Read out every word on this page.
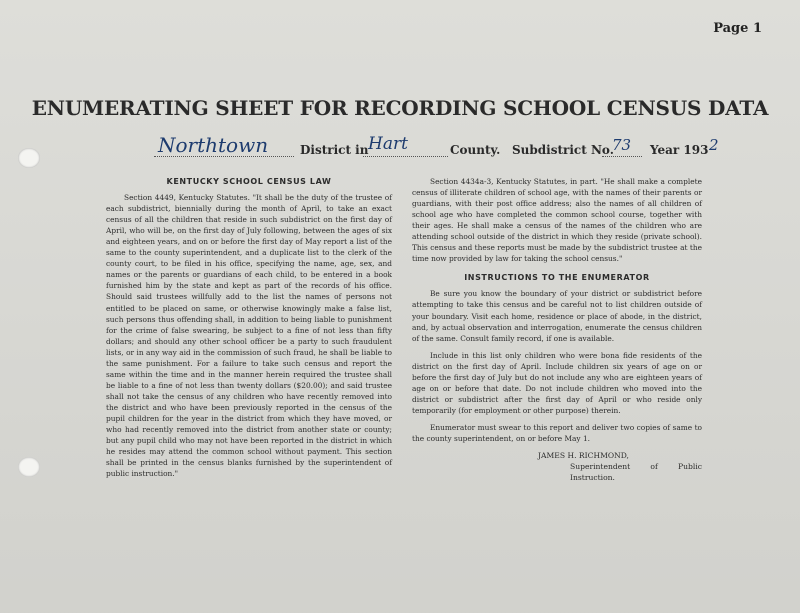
Page 1
ENUMERATING SHEET FOR RECORDING SCHOOL CENSUS DATA
Northtown	District in Hart	County. Subdistrict No.
73 Year 193 2
KENTUCKY SCHOOL CENSUS LAW

Section 4449, Kentucky Statutes. "It shall be the duty of the trustee of each subdistrict, biennially during the month of April, to take an exact census of all the children that reside in such subdistrict on the first day of April, who will be, on the first day of July following, between the ages of six and eighteen years, and on or before the first day of May report a list of the same to the county superintendent, and a duplicate list to the clerk of the county court, to be filed in his office, specifying the name, age, sex, and names or the parents or guardians of each child, to be entered in a book furnished him by the state and kept as part of the records of his office. Should said trustees willfully add to the list the names of persons not entitled to be placed on same, or otherwise knowingly make a false list, such persons thus offending shall, in addition to being liable to punishment for the crime of false swearing, be subject to a fine of not less than fifty dollars; and should any other school officer be a party to such fraudulent lists, or in any way aid in the commission of such fraud, he shall be liable to the same punishment. For a failure to take such census and report the same within the time and in the manner herein required the trustee shall be liable to a fine of not less than twenty dollars ($20.00); and said trustee shall not take the census of any children who have recently removed into the district and who have been previously reported in the census of the pupil children for the year in the district from which they have moved, or who had recently removed into the district from another state or county; but any pupil child who may not have been reported in the district in which he resides may attend the common school without payment. This section shall be printed in the census blanks furnished by the superintendent of public instruction."

Section 4434a-3, Kentucky Statutes, in part. "He shall make a complete census of illiterate children of school age, with the names of their parents or guardians, with their post office address; also the names of all children of school age who have completed the common school course, together with their ages. He shall make a census of the names of the children who are attending school outside of the district in which they reside (private school). This census and these reports must be made by the subdistrict trustee at the time now provided by law for taking the school census."

INSTRUCTIONS TO THE ENUMERATOR

Be sure you know the boundary of your district or subdistrict before attempting to take this census and be careful not to list children outside of your boundary. Visit each home, residence or place of abode, in the district, and, by actual observation and interrogation, enumerate the census children of the same. Consult family record, if one is available.

Include in this list only children who were bona fide residents of the district on the first day of April. Include children six years of age on or before the first day of July but do not include any who are eighteen years of age on or before that date. Do not include children who moved into the district or subdistrict after the first day of April or who reside only temporarily (for employment or other purpose) therein.

Enumerator must swear to this report and deliver two copies of same to the county superintendent, on or before May 1.

JAMES H. RICHMOND,
Superintendent of Public Instruction.
